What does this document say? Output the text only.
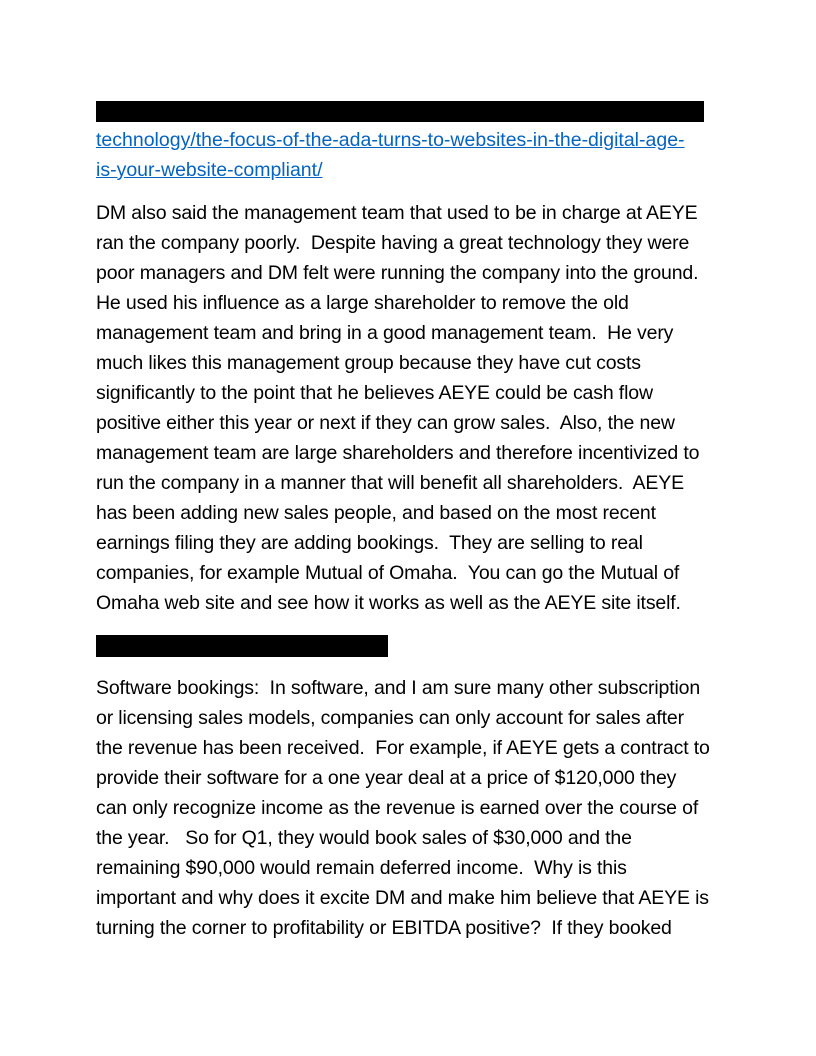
technology/the-focus-of-the-ada-turns-to-websites-in-the-digital-age-
is-your-website-compliant/
DM also said the management team that used to be in charge at AEYE
ran the company poorly.  Despite having a great technology they were
poor managers and DM felt were running the company into the ground.
He used his influence as a large shareholder to remove the old
management team and bring in a good management team.  He very
much likes this management group because they have cut costs
significantly to the point that he believes AEYE could be cash flow
positive either this year or next if they can grow sales.  Also, the new
management team are large shareholders and therefore incentivized to
run the company in a manner that will benefit all shareholders.  AEYE
has been adding new sales people, and based on the most recent
earnings filing they are adding bookings.  They are selling to real
companies, for example Mutual of Omaha.  You can go the Mutual of
Omaha web site and see how it works as well as the AEYE site itself.
Software bookings:  In software, and I am sure many other subscription
or licensing sales models, companies can only account for sales after
the revenue has been received.  For example, if AEYE gets a contract to
provide their software for a one year deal at a price of $120,000 they
can only recognize income as the revenue is earned over the course of
the year.   So for Q1, they would book sales of $30,000 and the
remaining $90,000 would remain deferred income.  Why is this
important and why does it excite DM and make him believe that AEYE is
turning the corner to profitability or EBITDA positive?  If they booked
